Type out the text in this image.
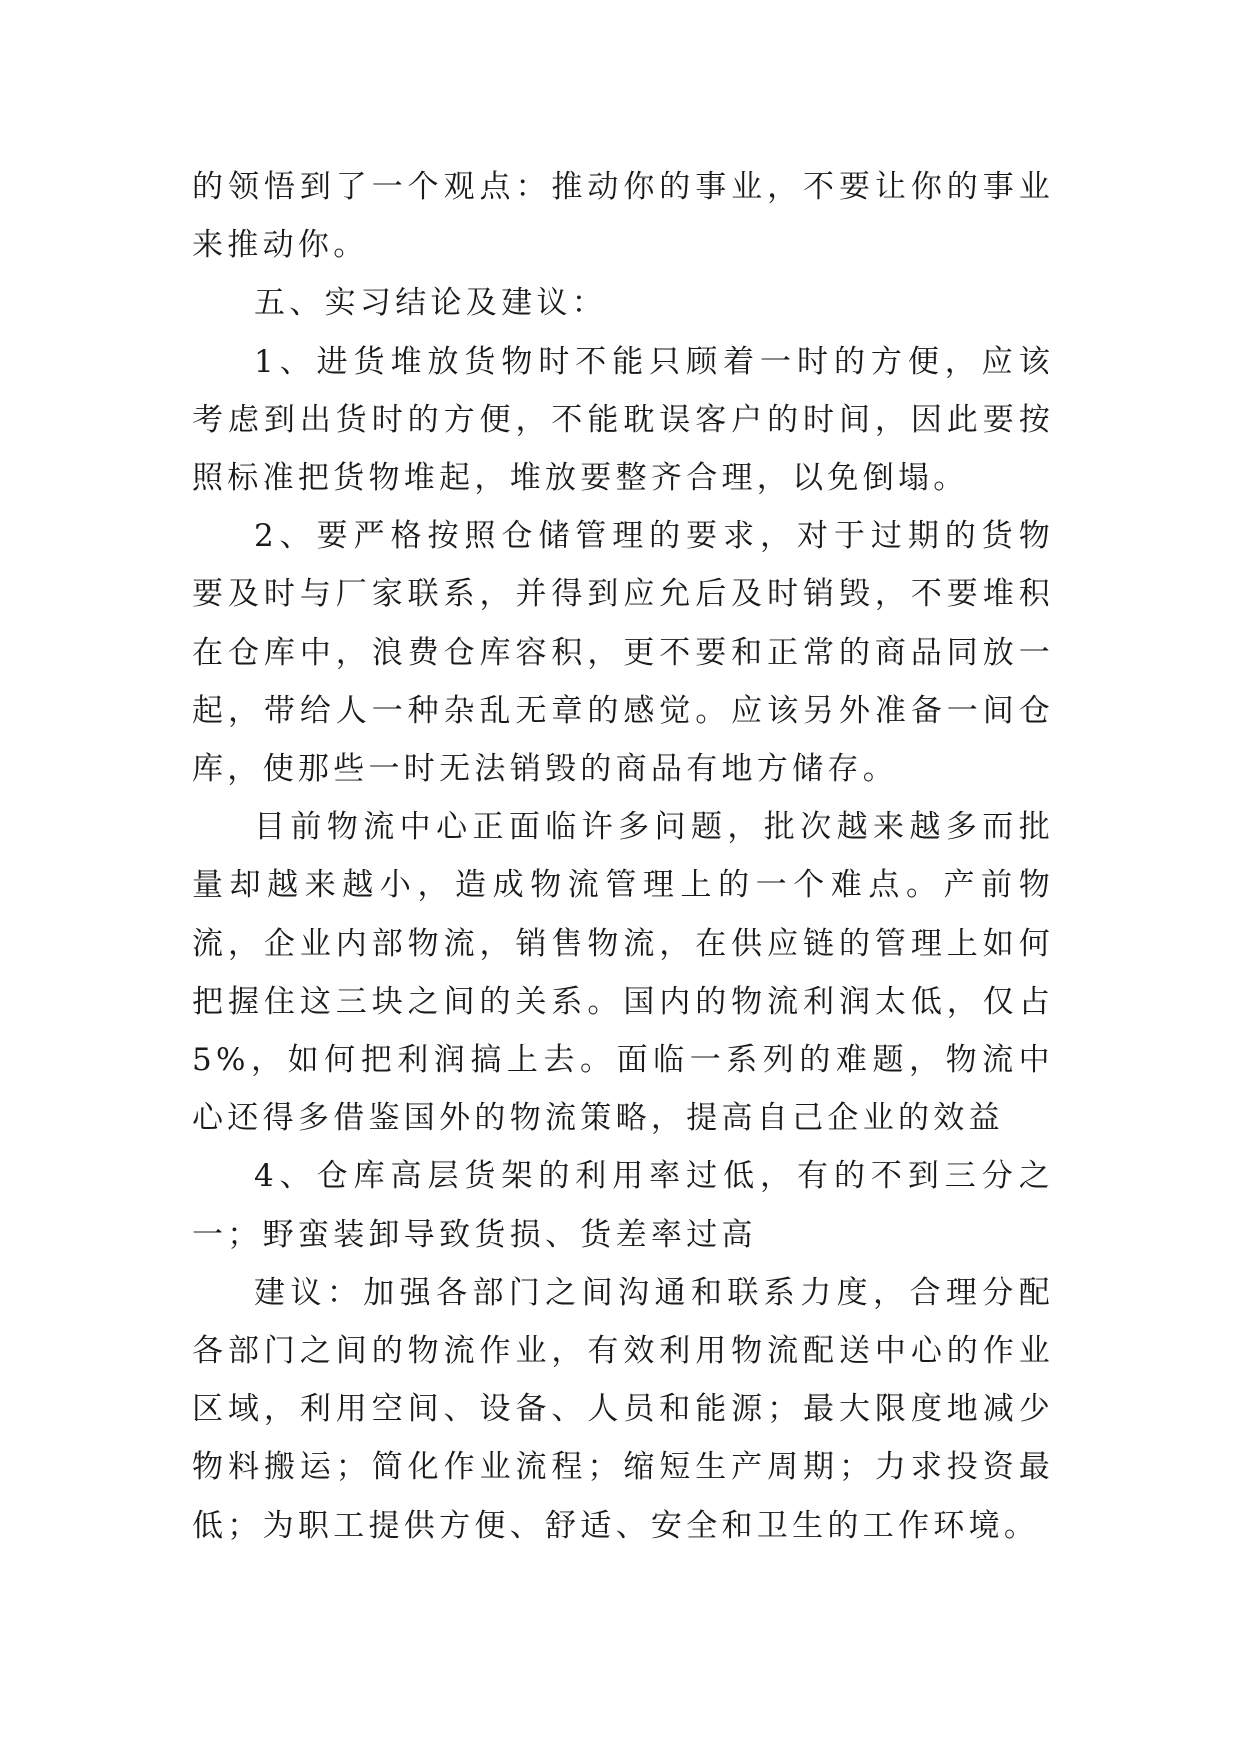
的领悟到了一个观点：推动你的事业，不要让你的事业来推动你。

五、实习结论及建议：

1、进货堆放货物时不能只顾着一时的方便，应该考虑到出货时的方便，不能耽误客户的时间，因此要按照标准把货物堆起，堆放要整齐合理，以免倒塌。

2、要严格按照仓储管理的要求，对于过期的货物要及时与厂家联系，并得到应允后及时销毁，不要堆积在仓库中，浪费仓库容积，更不要和正常的商品同放一起，带给人一种杂乱无章的感觉。应该另外准备一间仓库，使那些一时无法销毁的商品有地方储存。

目前物流中心正面临许多问题，批次越来越多而批量却越来越小，造成物流管理上的一个难点。产前物流，企业内部物流，销售物流，在供应链的管理上如何把握住这三块之间的关系。国内的物流利润太低，仅占5%，如何把利润搞上去。面临一系列的难题，物流中心还得多借鉴国外的物流策略，提高自己企业的效益

4、仓库高层货架的利用率过低，有的不到三分之一；野蛮装卸导致货损、货差率过高

建议：加强各部门之间沟通和联系力度，合理分配各部门之间的物流作业，有效利用物流配送中心的作业区域，利用空间、设备、人员和能源；最大限度地减少物料搬运；简化作业流程；缩短生产周期；力求投资最低；为职工提供方便、舒适、安全和卫生的工作环境。
